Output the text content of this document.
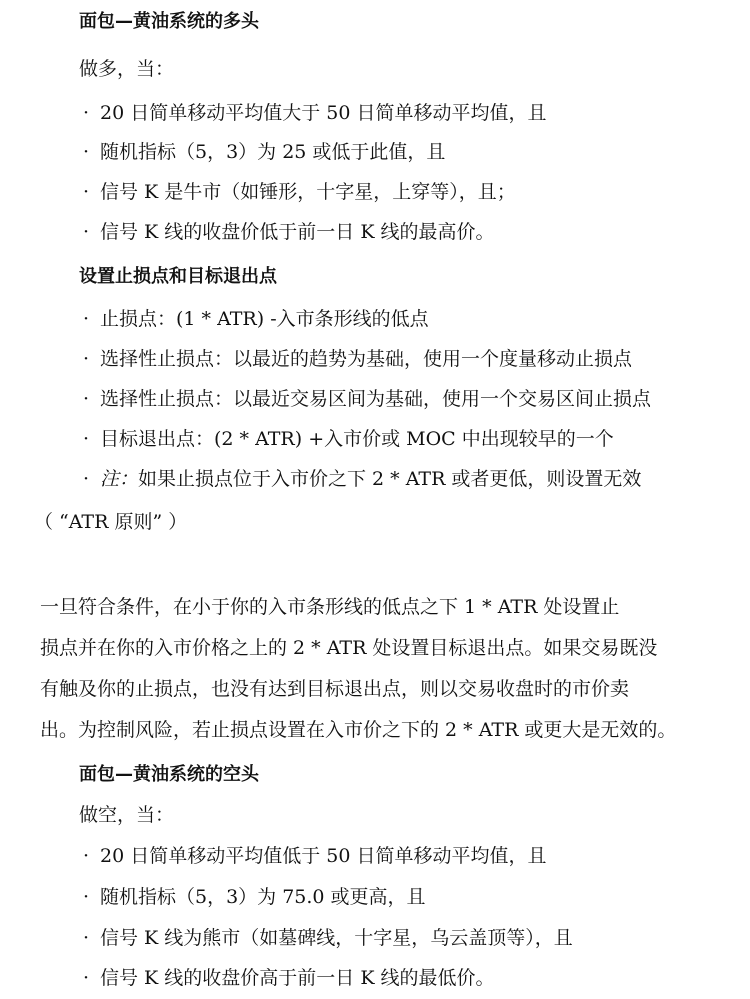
面包—黄油系统的多头
做多，当：
· 20 日简单移动平均值大于 50 日简单移动平均值，且
· 随机指标（5，3）为 25 或低于此值，且
· 信号 K 是牛市（如锤形，十字星，上穿等），且；
· 信号 K 线的收盘价低于前一日 K 线的最高价。
设置止损点和目标退出点
· 止损点：(1 * ATR) -入市条形线的低点
· 选择性止损点：以最近的趋势为基础，使用一个度量移动止损点
· 选择性止损点：以最近交易区间为基础，使用一个交易区间止损点
· 目标退出点：(2 * ATR) +入市价或 MOC 中出现较早的一个
· 注：如果止损点位于入市价之下 2 * ATR 或者更低，则设置无效
（ “ATR 原则” ）
一旦符合条件，在小于你的入市条形线的低点之下 1 * ATR 处设置止
损点并在你的入市价格之上的 2 * ATR 处设置目标退出点。如果交易既没
有触及你的止损点，也没有达到目标退出点，则以交易收盘时的市价卖
出。为控制风险，若止损点设置在入市价之下的 2 * ATR 或更大是无效的。
面包—黄油系统的空头
做空，当：
· 20 日简单移动平均值低于 50 日简单移动平均值，且
· 随机指标（5，3）为 75.0 或更高，且
· 信号 K 线为熊市（如墓碑线，十字星，乌云盖顶等），且
· 信号 K 线的收盘价高于前一日 K 线的最低价。
